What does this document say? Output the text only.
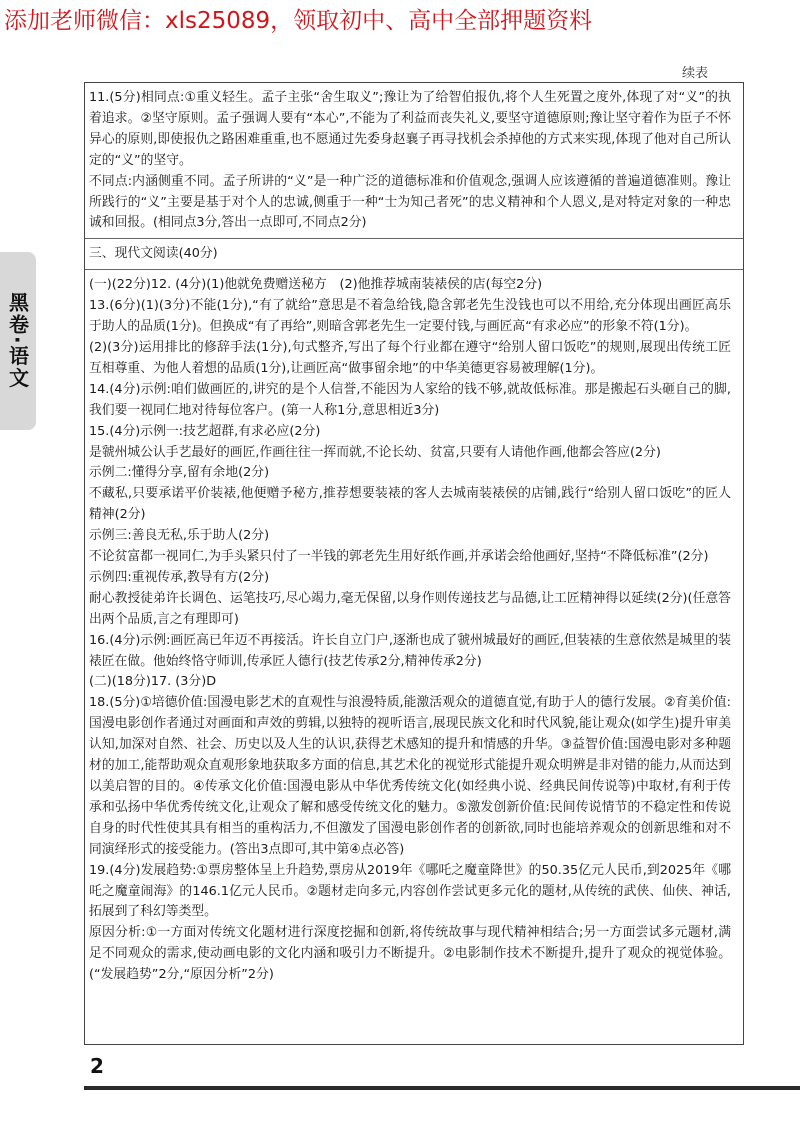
添加老师微信：xls25089，领取初中、高中全部押题资料
续表
黑卷·语文

11.(5分)相同点:①重义轻生。孟子主张“舍生取义”;豫让为了给智伯报仇,将个人生死置之度外,体现了对“义”的执着追求。②坚守原则。孟子强调人要有“本心”,不能为了利益而丧失礼义,要坚守道德原则;豫让坚守着作为臣子不怀异心的原则,即使报仇之路困难重重,也不愿通过先委身赵襄子再寻找机会杀掉他的方式来实现,体现了他对自己所认定的“义”的坚守。

不同点:内涵侧重不同。孟子所讲的“义”是一种广泛的道德标准和价值观念,强调人应该遵循的普遍道德准则。豫让所践行的“义”主要是基于对个人的忠诚,侧重于一种“士为知己者死”的忠义精神和个人恩义,是对特定对象的一种忠诚和回报。(相同点3分,答出一点即可,不同点2分)

三、现代文阅读(40分)

(一)(22分)12. (4分)(1)他就免费赠送秘方　(2)他推荐城南装裱侯的店(每空2分)

13.(6分)(1)(3分)不能(1分),“有了就给”意思是不着急给钱,隐含郭老先生没钱也可以不用给,充分体现出画匠高乐于助人的品质(1分)。但换成“有了再给”,则暗含郭老先生一定要付钱,与画匠高“有求必应”的形象不符(1分)。

(2)(3分)运用排比的修辞手法(1分),句式整齐,写出了每个行业都在遵守“给别人留口饭吃”的规则,展现出传统工匠互相尊重、为他人着想的品质(1分),让画匠高“做事留余地”的中华美德更容易被理解(1分)。

14.(4分)示例:咱们做画匠的,讲究的是个人信誉,不能因为人家给的钱不够,就故低标准。那是搬起石头砸自己的脚,我们要一视同仁地对待每位客户。(第一人称1分,意思相近3分)

15.(4分)示例一:技艺超群,有求必应(2分)

是虢州城公认手艺最好的画匠,作画往往一挥而就,不论长幼、贫富,只要有人请他作画,他都会答应(2分)

示例二:懂得分享,留有余地(2分)

不藏私,只要承诺平价装裱,他便赠予秘方,推荐想要装裱的客人去城南装裱侯的店铺,践行“给别人留口饭吃”的匠人精神(2分)

示例三:善良无私,乐于助人(2分)

不论贫富都一视同仁,为手头紧只付了一半钱的郭老先生用好纸作画,并承诺会给他画好,坚持“不降低标准”(2分)

示例四:重视传承,教导有方(2分)

耐心教授徒弟许长调色、运笔技巧,尽心竭力,毫无保留,以身作则传递技艺与品德,让工匠精神得以延续(2分)(任意答出两个品质,言之有理即可)

16.(4分)示例:画匠高已年迈不再接活。许长自立门户,逐渐也成了虢州城最好的画匠,但装裱的生意依然是城里的装裱匠在做。他始终恪守师训,传承匠人德行(技艺传承2分,精神传承2分)

(二)(18分)17. (3分)D

18.(5分)①培德价值:国漫电影艺术的直观性与浪漫特质,能激活观众的道德直觉,有助于人的德行发展。②育美价值:国漫电影创作者通过对画面和声效的剪辑,以独特的视听语言,展现民族文化和时代风貌,能让观众(如学生)提升审美认知,加深对自然、社会、历史以及人生的认识,获得艺术感知的提升和情感的升华。③益智价值:国漫电影对多种题材的加工,能帮助观众直观形象地获取多方面的信息,其艺术化的视觉形式能提升观众明辨是非对错的能力,从而达到以美启智的目的。④传承文化价值:国漫电影从中华优秀传统文化(如经典小说、经典民间传说等)中取材,有利于传承和弘扬中华优秀传统文化,让观众了解和感受传统文化的魅力。⑤激发创新价值:民间传说情节的不稳定性和传说自身的时代性使其具有相当的重构活力,不但激发了国漫电影创作者的创新欲,同时也能培养观众的创新思维和对不同演绎形式的接受能力。(答出3点即可,其中第④点必答)

19.(4分)发展趋势:①票房整体呈上升趋势,票房从2019年《哪吒之魔童降世》的50.35亿元人民币,到2025年《哪吒之魔童闹海》的146.1亿元人民币。②题材走向多元,内容创作尝试更多元化的题材,从传统的武侠、仙侠、神话,拓展到了科幻等类型。

原因分析:①一方面对传统文化题材进行深度挖掘和创新,将传统故事与现代精神相结合;另一方面尝试多元题材,满足不同观众的需求,使动画电影的文化内涵和吸引力不断提升。②电影制作技术不断提升,提升了观众的视觉体验。(“发展趋势”2分,“原因分析”2分)

2
